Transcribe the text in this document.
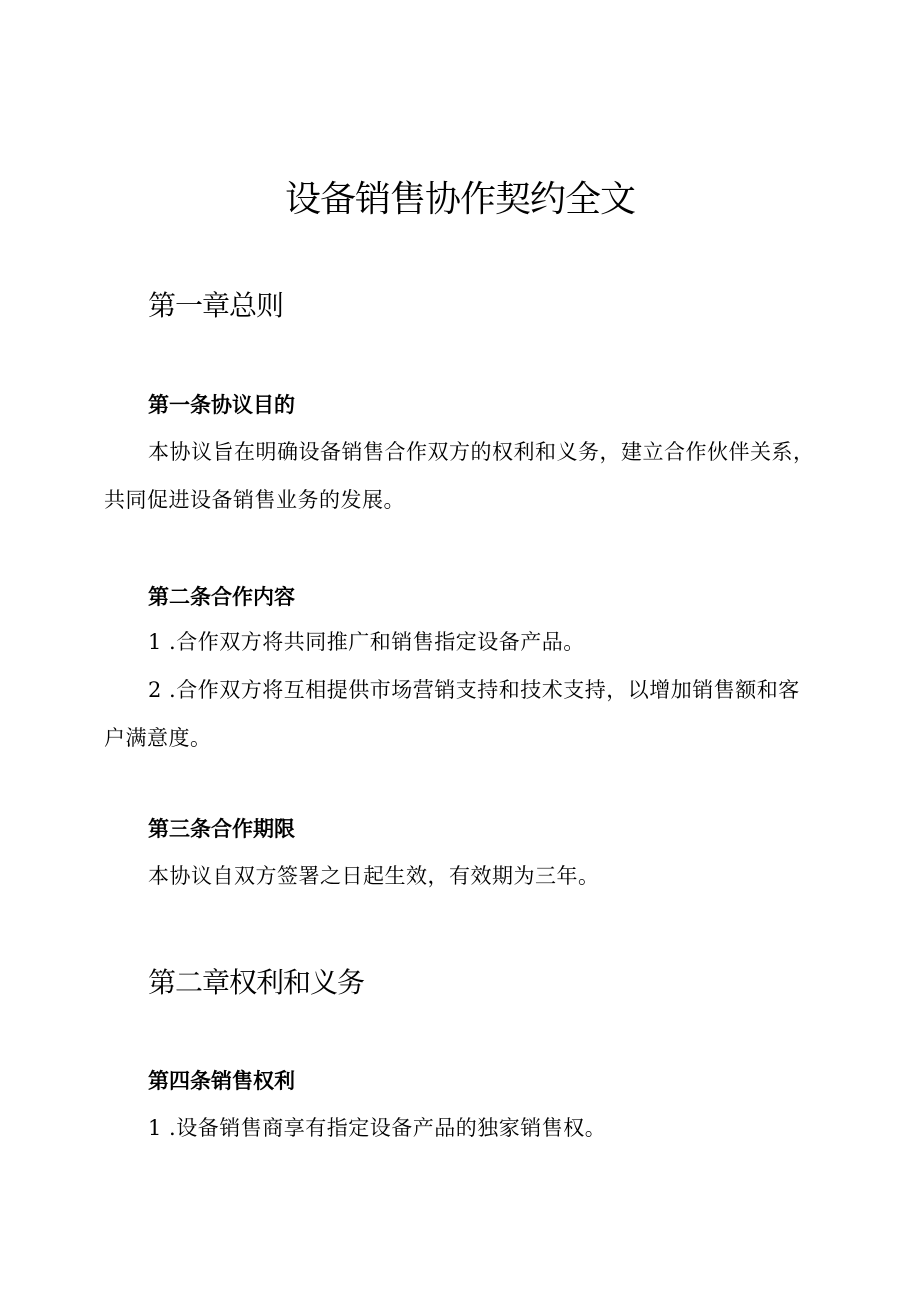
设备销售协作契约全文
第一章总则
第一条协议目的

本协议旨在明确设备销售合作双方的权利和义务，建立合作伙伴关系，共同促进设备销售业务的发展。

第二条合作内容

1 .合作双方将共同推广和销售指定设备产品。

2 .合作双方将互相提供市场营销支持和技术支持，以增加销售额和客户满意度。

第三条合作期限

本协议自双方签署之日起生效，有效期为三年。

第二章权利和义务
第四条销售权利

1 .设备销售商享有指定设备产品的独家销售权。
